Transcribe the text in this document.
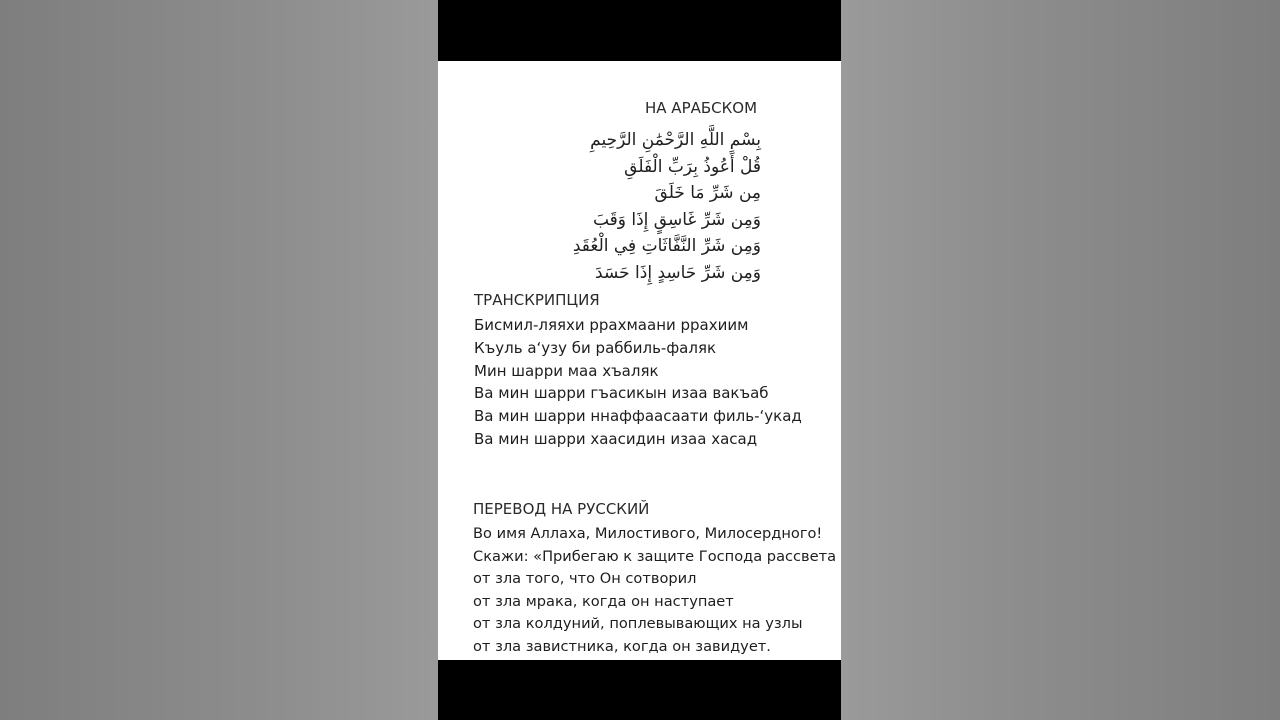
НА АРАБСКОМ
بِسْمِ اللَّهِ الرَّحْمَٰنِ الرَّحِيمِ
قُلْ أَعُوذُ بِرَبِّ الْفَلَقِ
مِن شَرِّ مَا خَلَقَ
وَمِن شَرِّ غَاسِقٍ إِذَا وَقَبَ
وَمِن شَرِّ النَّفَّاثَاتِ فِي الْعُقَدِ
وَمِن شَرِّ حَاسِدٍ إِذَا حَسَدَ
ТРАНСКРИПЦИЯ
Бисмил-ляяхи ррахмаани ррахиим
Къуль а‘узу би раббиль-фаляк
Мин шарри маа хъаляк
Ва мин шарри гъасикын изаа вакъаб
Ва мин шарри ннаффаасаати филь-‘укад
Ва мин шарри хаасидин изаа хасад
ПЕРЕВОД НА РУССКИЙ
Во имя Аллаха, Милостивого, Милосердного!
Скажи: «Прибегаю к защите Господа рассвета
от зла того, что Он сотворил
от зла мрака, когда он наступает
от зла колдуний, поплевывающих на узлы
от зла завистника, когда он завидует.
